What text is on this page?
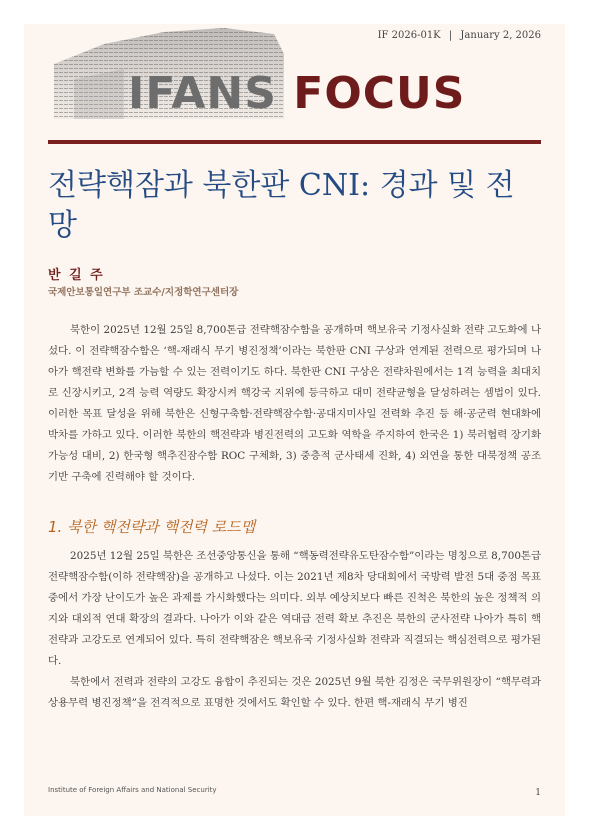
IF 2026-01K | January 2, 2026
IFANS FOCUS
전략핵잠과 북한판 CNI: 경과 및 전망
반 길 주
국제안보통일연구부 조교수/지정학연구센터장

북한이 2025년 12월 25일 8,700톤급 전략핵잠수함을 공개하며 핵보유국 기정사실화 전략 고도화에 나섰다. 이 전략핵잠수함은 ‘핵-재래식 무기 병진정책’이라는 북한판 CNI 구상과 연계된 전력으로 평가되며 나아가 핵전략 변화를 가늠할 수 있는 전력이기도 하다. 북한판 CNI 구상은 전략차원에서는 1격 능력을 최대치로 신장시키고, 2격 능력 역량도 확장시켜 핵강국 지위에 등극하고 대미 전략균형을 달성하려는 셈법이 있다. 이러한 목표 달성을 위해 북한은 신형구축함·전략핵잠수함·공대지미사일 전력화 추진 등 해·공군력 현대화에 박차를 가하고 있다. 이러한 북한의 핵전략과 병진전력의 고도화 역학을 주지하여 한국은 1) 북러협력 장기화 가능성 대비, 2) 한국형 핵추진잠수함 ROC 구체화, 3) 중층적 군사태세 진화, 4) 외연을 통한 대북정책 공조 기반 구축에 진력해야 할 것이다.

1. 북한 핵전략과 핵전력 로드맵

2025년 12월 25일 북한은 조선중앙통신을 통해 “핵동력전략유도탄잠수함”이라는 명칭으로 8,700톤급 전략핵잠수함(이하 전략핵잠)을 공개하고 나섰다. 이는 2021년 제8차 당대회에서 국방력 발전 5대 중점 목표 중에서 가장 난이도가 높은 과제를 가시화했다는 의미다. 외부 예상치보다 빠른 진척은 북한의 높은 정책적 의지와 대외적 연대 확장의 결과다. 나아가 이와 같은 역대급 전력 확보 추진은 북한의 군사전략 나아가 특히 핵전략과 고강도로 연계되어 있다. 특히 전략핵잠은 핵보유국 기정사실화 전략과 직결되는 핵심전력으로 평가된다.

북한에서 전력과 전략의 고강도 융합이 추진되는 것은 2025년 9월 북한 김정은 국무위원장이 “핵무력과 상용무력 병진정책”을 전격적으로 표명한 것에서도 확인할 수 있다. 한편 핵-재래식 무기 병진

Institute of Foreign Affairs and National Security	1
